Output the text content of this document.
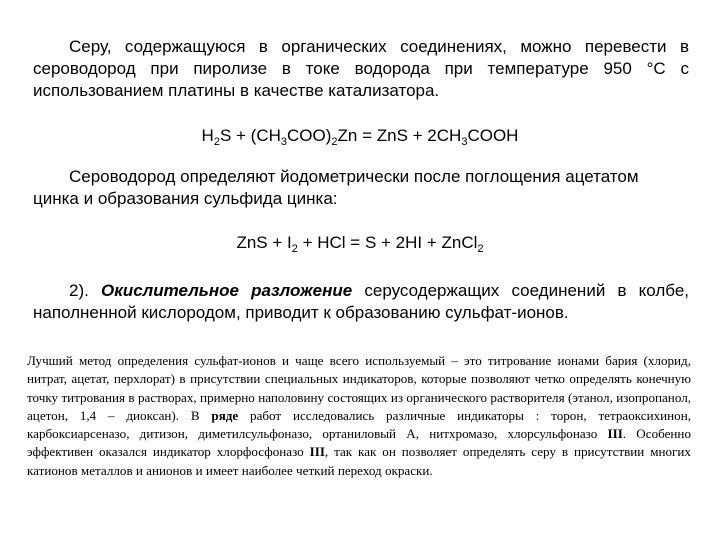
Серу, содержащуюся в органических соединениях, можно перевести в сероводород при пиролизе в токе водорода при температуре 950 °С с использованием платины в качестве катализатора.

$H_2S + (CH_3COO)_2Zn$ = ZnS + $2CH_3COOH$

Сероводород определяют йодометрически после поглощения ацетатом цинка и образования сульфида цинка:

ZnS + $I_2$ + HCl = S + 2HI + ZnCl$_2$

2). Окислительное разложение серусодержащих соединений в колбе, наполненной кислородом, приводит к образованию сульфат-ионов.

Лучший метод определения сульфат-ионов и чаще всего используемый – это титрование ионами бария (хлорид, нитрат, ацетат, перхлорат) в присутствии специальных индикаторов, которые позволяют четко определять конечную точку титрования в растворах, примерно наполовину состоящих из органического растворителя (этанол, изопропанол, ацетон, 1,4 – диоксан). В ряде работ исследовались различные индикаторы : торон, тетраоксихинон, карбоксиарсеназо, дитизон, диметилсульфоназо, ортаниловый А, нитхромазо, хлорсульфоназо III. Особенно эффективен оказался индикатор хлорфосфоназо III, так как он позволяет определять серу в присутствии многих катионов металлов и анионов и имеет наиболее четкий переход окраски.
